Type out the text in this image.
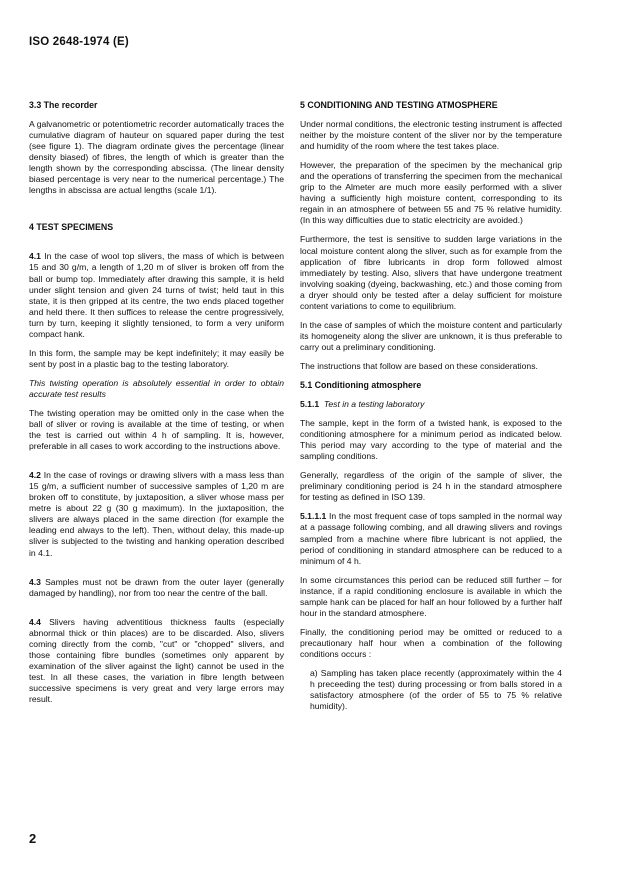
ISO 2648-1974 (E)
3.3 The recorder

A galvanometric or potentiometric recorder automatically traces the cumulative diagram of hauteur on squared paper during the test (see figure 1). The diagram ordinate gives the percentage (linear density biased) of fibres, the length of which is greater than the length shown by the corresponding abscissa. (The linear density biased percentage is very near to the numerical percentage.) The lengths in abscissa are actual lengths (scale 1/1).

4 TEST SPECIMENS

4.1 In the case of wool top slivers, the mass of which is between 15 and 30 g/m, a length of 1,20 m of sliver is broken off from the ball or bump top. Immediately after drawing this sample, it is held under slight tension and given 24 turns of twist; held taut in this state, it is then gripped at its centre, the two ends placed together and held there. It then suffices to release the centre progressively, turn by turn, keeping it slightly tensioned, to form a very uniform compact hank.

In this form, the sample may be kept indefinitely; it may easily be sent by post in a plastic bag to the testing laboratory.

This twisting operation is absolutely essential in order to obtain accurate test results

The twisting operation may be omitted only in the case when the ball of sliver or roving is available at the time of testing, or when the test is carried out within 4 h of sampling. It is, however, preferable in all cases to work according to the instructions above.

4.2 In the case of rovings or drawing slivers with a mass less than 15 g/m, a sufficient number of successive samples of 1,20 m are broken off to constitute, by juxtaposition, a sliver whose mass per metre is about 22 g (30 g maximum). In the juxtaposition, the slivers are always placed in the same direction (for example the leading end always to the left). Then, without delay, this made-up sliver is subjected to the twisting and hanking operation described in 4.1.

4.3 Samples must not be drawn from the outer layer (generally damaged by handling), nor from too near the centre of the ball.

4.4 Slivers having adventitious thickness faults (especially abnormal thick or thin places) are to be discarded. Also, slivers coming directly from the comb, "cut" or "chopped" slivers, and those containing fibre bundles (sometimes only apparent by examination of the sliver against the light) cannot be used in the test. In all these cases, the variation in fibre length between successive specimens is very great and very large errors may result.

5 CONDITIONING AND TESTING ATMOSPHERE

Under normal conditions, the electronic testing instrument is affected neither by the moisture content of the sliver nor by the temperature and humidity of the room where the test takes place.

However, the preparation of the specimen by the mechanical grip and the operations of transferring the specimen from the mechanical grip to the Almeter are much more easily performed with a sliver having a sufficiently high moisture content, corresponding to its regain in an atmosphere of between 55 and 75 % relative humidity. (In this way difficulties due to static electricity are avoided.)

Furthermore, the test is sensitive to sudden large variations in the local moisture content along the sliver, such as for example from the application of fibre lubricants in drop form followed almost immediately by testing. Also, slivers that have undergone treatment involving soaking (dyeing, backwashing, etc.) and those coming from a dryer should only be tested after a delay sufficient for moisture content variations to come to equilibrium.

In the case of samples of which the moisture content and particularly its homogeneity along the sliver are unknown, it is thus preferable to carry out a preliminary conditioning.

The instructions that follow are based on these considerations.

5.1 Conditioning atmosphere

5.1.1 Test in a testing laboratory

The sample, kept in the form of a twisted hank, is exposed to the conditioning atmosphere for a minimum period as indicated below. This period may vary according to the type of material and the sampling conditions.

Generally, regardless of the origin of the sample of sliver, the preliminary conditioning period is 24 h in the standard atmosphere for testing as defined in ISO 139.

5.1.1.1 In the most frequent case of tops sampled in the normal way at a passage following combing, and all drawing slivers and rovings sampled from a machine where fibre lubricant is not applied, the period of conditioning in standard atmosphere can be reduced to a minimum of 4 h.

In some circumstances this period can be reduced still further – for instance, if a rapid conditioning enclosure is available in which the sample hank can be placed for half an hour followed by a further half hour in the standard atmosphere.

Finally, the conditioning period may be omitted or reduced to a precautionary half hour when a combination of the following conditions occurs :

a) Sampling has taken place recently (approximately within the 4 h preceeding the test) during processing or from balls stored in a satisfactory atmosphere (of the order of 55 to 75 % relative humidity).

2
